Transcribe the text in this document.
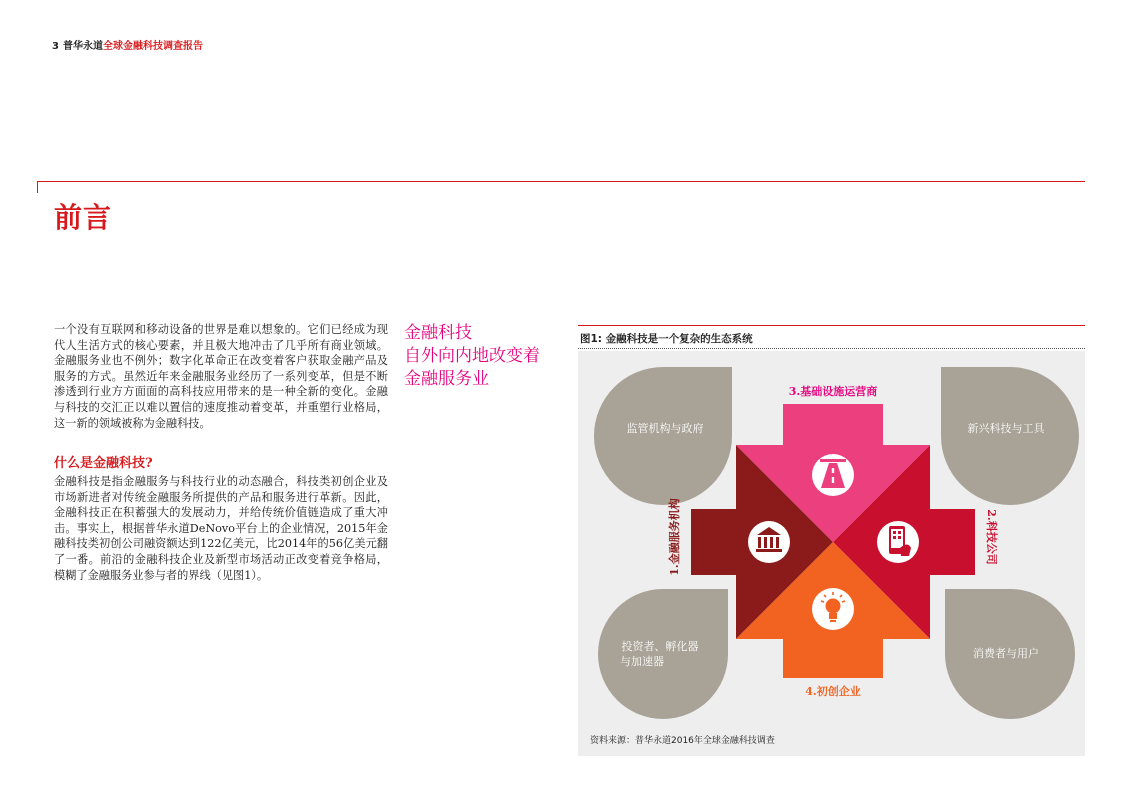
3 普华永道全球金融科技调查报告
前言

一个没有互联网和移动设备的世界是难以想象的。它们已经成为现代人生活方式的核心要素，并且极大地冲击了几乎所有商业领域。金融服务业也不例外；数字化革命正在改变着客户获取金融产品及服务的方式。虽然近年来金融服务业经历了一系列变革，但是不断渗透到行业方方面面的高科技应用带来的是一种全新的变化。金融与科技的交汇正以难以置信的速度推动着变革，并重塑行业格局，这一新的领域被称为金融科技。

什么是金融科技?

金融科技是指金融服务与科技行业的动态融合，科技类初创企业及市场新进者对传统金融服务所提供的产品和服务进行革新。因此，金融科技正在积蓄强大的发展动力，并给传统价值链造成了重大冲击。事实上，根据普华永道DeNovo平台上的企业情况，2015年金融科技类初创公司融资额达到122亿美元，比2014年的56亿美元翻了一番。前沿的金融科技企业及新型市场活动正改变着竞争格局，模糊了金融服务业参与者的界线（见图1）。

金融科技
自外向内地改变着
金融服务业
图1: 金融科技是一个复杂的生态系统
监管机构与政府	新兴科技与工具
投资者、孵化器
与加速器
消费者与用户
3.基础设施运营商
4.初创企业
1.金融服务机构	2.科技公司
资料来源：普华永道2016年全球金融科技调查
